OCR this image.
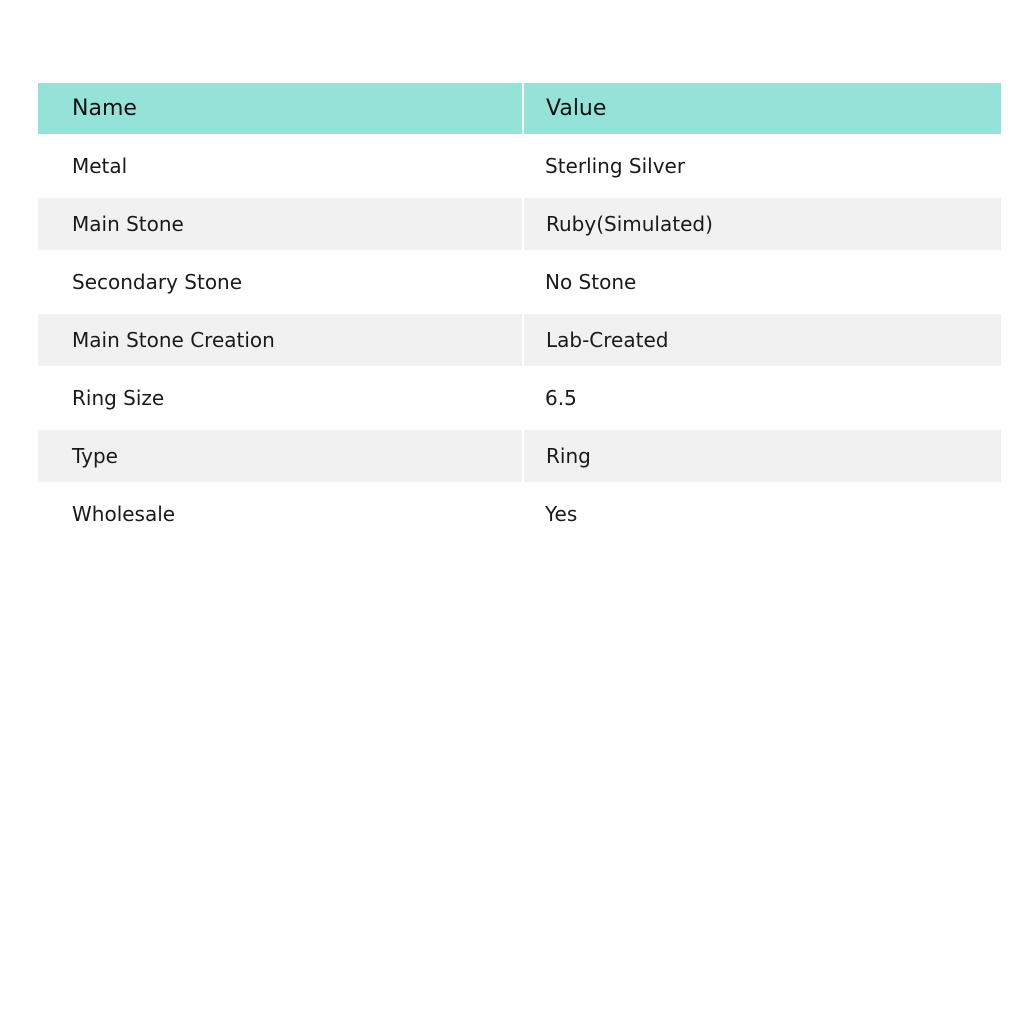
Name	Value
Metal	Sterling Silver
Main Stone	Ruby(Simulated)
Secondary Stone	No Stone
Main Stone Creation	Lab-Created
Ring Size	6.5
Type	Ring
Wholesale	Yes
